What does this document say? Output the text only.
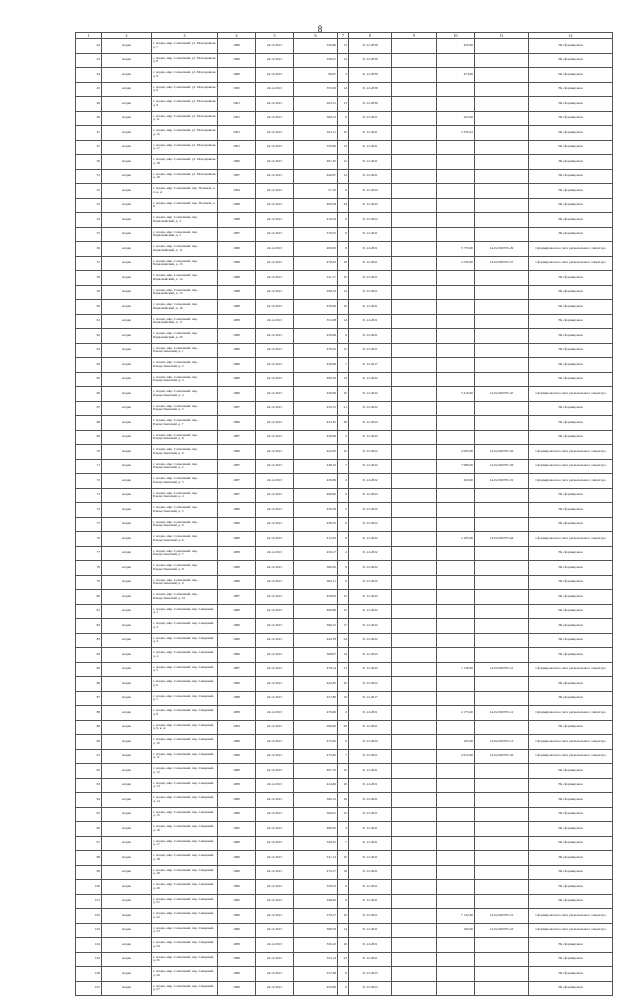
8
1	2	3	4	5	6	7	8	9	10	11	12
42	Алдан	г. Алдан, мкр. Солнечный, ул. Молодежная, д. 7	1989	24.12.2015	356,66	13	31.12.2039		450,00		Не сформирован
43	Алдан	г. Алдан, мкр. Солнечный, ул. Молодежная, д. 8	1989	24.12.2015	358,57	14	31.12.2039				Не сформирован
44	Алдан	г. Алдан, мкр. Солнечный, ул. Молодежная, д. 9	1986	24.12.2015	99,97	3	31.12.2039		474,00		Не сформирован
45	Алдан	г. Алдан, мкр. Солнечный, ул. Молодежная, д. 9	1993	24.12.2015	355,63	14	31.12.2039				Не сформирован
46	Алдан	г. Алдан, мкр. Солнечный, ул. Молодежная, д. 9	1991	24.12.2015	262,31	13	31.12.2039				Не сформирован
46	Алдан	г. Алдан, мкр. Солнечный, ул. Молодежная, д. 11	1991	24.12.2015	366,12	6	31.12.2021		425,00		Не сформирован
47	Алдан	г. Алдан, мкр. Солнечный, ул. Молодежная, д. 15	1991	24.12.2015	425,11	10	31.12.2021		2 350,52		Не сформирован
47	Алдан	г. Алдан, мкр. Солнечный, ул. Молодежная, д. 17	1991	24.12.2015	359,60	14	31.12.2021				Не сформирован
50	Алдан	г. Алдан, мкр. Солнечный, ул. Молодежная, д. 18	1990	24.12.2015	481,35	12	31.12.2021				Не сформирован
51	Алдан	г. Алдан, мкр. Солнечный, ул. Молодежная, д. 19	1987	24.12.2015	646,97	12	31.12.2021				Не сформирован
52	Алдан	г. Алдан, мкр. Солнечный, пер. Полевой, д. 2, к. А	1994	24.12.2015	57,10	6	31.12.2024				Не сформирован
53	Алдан	г. Алдан, мкр. Солнечный, пер. Полевой, д. 6	1988	24.12.2015	406,58	24	31.12.2024				Не сформирован
54	Алдан	г. Алдан, мкр. Солнечный, пер. Первомайский, д. 3	1988	24.12.2015	416,54	9	31.12.2024				Не сформирован
55	Алдан	г. Алдан, мкр. Солнечный, пер. Первомайский, д. 5	1987	24.12.2015	379,55	9	31.12.2021				Не сформирован
56	Алдан	г. Алдан, мкр. Солнечный, пер. Первомайский, д. 11	1986	24.12.2015	400,00	9	31.12.2021		5 770,00	14-02-000705-29	Сформирован на счете регионального оператора
57	Алдан	г. Алдан, мкр. Солнечный, пер. Первомайский, д. 13	1989	24.12.2015	476,43	16	31.12.2021		2 330,00	14-02-000705-27	Сформирован на счете регионального оператора
58	Алдан	г. Алдан, мкр. Солнечный, пер. Первомайский, д. 14	1988	24.12.2015	411,17	10	31.12.2021				Не сформирован
59	Алдан	г. Алдан, мкр. Солнечный, пер. Первомайский, д. 15	1988	24.12.2015	298,16	14	31.12.2021				Не сформирован
60	Алдан	г. Алдан, мкр. Солнечный, пер. Первомайский, д. 16	1988	24.12.2015	439,06	16	31.12.2021				Не сформирован
61	Алдан	г. Алдан, мкр. Солнечный, пер. Первомайский, д. 17	1989	24.12.2015	351,08	14	31.12.2021				Не сформирован
62	Алдан	г. Алдан, мкр. Солнечный, пер. Первомайский, д. 20	1989	24.12.2015	456,69	6	31.12.2021				Не сформирован
63	Алдан	г. Алдан, мкр. Солнечный, пер. Рождественский, д. 1	1986	24.12.2015	478,10	15	31.12.2021				Не сформирован
64	Алдан	г. Алдан, мкр. Солнечный, пер. Рождественский, д. 2	1986	24.12.2015	456,06	7	31.12.2017				Не сформирован
65	Алдан	г. Алдан, мкр. Солнечный, пер. Рождественский, д. 3	1986	24.12.2015	499,19	14	31.12.2022				Не сформирован
66	Алдан	г. Алдан, мкр. Солнечный, пер. Рождественский, д. 4	1986	24.12.2015	456,06	10	31.12.2022		5 410,00	14-02-000705-47	Сформирован на счете регионального оператора
67	Алдан	г. Алдан, мкр. Солнечный, пер. Рождественский, д. 5	1987	24.12.2015	450,15	21	31.12.2022				Не сформирован
68	Алдан	г. Алдан, мкр. Солнечный, пер. Рождественский, д. 7	1986	24.12.2015	443,45	28	31.12.2022				Не сформирован
69	Алдан	г. Алдан, мкр. Солнечный, пер. Рождественский, д. 8	1987	24.12.2015	456,06	2	31.12.2022				Не сформирован
70	Алдан	г. Алдан, мкр. Солнечный, пер. Рождественский, д. 9	1986	24.12.2015	442,05	10	31.12.2022		2 065,00	14-02-000705-50	Сформирован на счете регионального оператора
71	Алдан	г. Алдан, мкр. Солнечный, пер. Рождественский, д. 2	1987	24.12.2015	448,16	7	31.12.2022		7 080,00	14-02-000705-29	Сформирован на счете регионального оператора
72	Алдан	г. Алдан, мкр. Солнечный, пер. Рождественский, д. 3	1987	24.12.2015	436,69	4	31.12.2022		450,00	14-02-000705-32	Сформирован на счете регионального оператора
73	Алдан	г. Алдан, мкр. Солнечный, пер. Рождественский, д. 4	1987	24.12.2015	466,62	6	31.12.2022				Не сформирован
74	Алдан	г. Алдан, мкр. Солнечный, пер. Рождественский, д. 5	1986	24.12.2015	456,18	5	31.12.2022				Не сформирован
75	Алдан	г. Алдан, мкр. Солнечный, пер. Рождественский, д. 6	1986	24.12.2015	458,70	9	31.12.2022				Не сформирован
76	Алдан	г. Алдан, мкр. Солнечный, пер. Рождественский, д. 6	1986	24.12.2015	412,63	9	31.12.2022		2 185,00	14-02-000705-64	Сформирован на счете регионального оператора
77	Алдан	г. Алдан, мкр. Солнечный, пер. Рождественский, д. 7	1989	24.12.2015	456,17	4	31.12.2022				Не сформирован
78	Алдан	г. Алдан, мкр. Солнечный, пер. Рождественский, д. 8	1989	24.12.2015	366,30	9	31.12.2022				Не сформирован
79	Алдан	г. Алдан, мкр. Солнечный, пер. Рождественский, д. 9	1989	24.12.2015	400,11	6	31.12.2022				Не сформирован
80	Алдан	г. Алдан, мкр. Солнечный, пер. Рождественский, д. 10	1987	24.12.2015	458,02	12	31.12.2022				Не сформирован
81	Алдан	г. Алдан, мкр. Солнечный, пер. Северный, д. 1	1986	24.12.2015	466,98	12	31.12.2022				Не сформирован
82	Алдан	г. Алдан, мкр. Солнечный, пер. Северный, д. 2	1986	24.12.2015	396,15	17	31.12.2022				Не сформирован
83	Алдан	г. Алдан, мкр. Солнечный, пер. Северный, д. 3	1986	24.12.2015	444,78	24	31.12.2022				Не сформирован
84	Алдан	г. Алдан, мкр. Солнечный, пер. Северный, д. 4	1986	24.12.2015	368,97	14	31.12.2023				Не сформирован
85	Алдан	г. Алдан, мкр. Солнечный, пер. Северный, д. 5	1987	24.12.2015	476,14	21	31.12.2022		1 130,00	14-02-000705-51	Сформирован на счете регионального оператора
86	Алдан	г. Алдан, мкр. Солнечный, пер. Северный, д. 6	1986	24.12.2015	442,65	20	31.12.2022				Не сформирован
87	Алдан	г. Алдан, мкр. Солнечный, пер. Северный, д. 7	1988	24.12.2015	457,80	16	31.12.2017				Не сформирован
88	Алдан	г. Алдан, мкр. Солнечный, пер. Северный, д. 8	1989	24.12.2015	476,06	2	31.12.2021		2 175,00	14-02-000705-12	Сформирован на счете регионального оператора
89	Алдан	г. Алдан, мкр. Солнечный, пер. Северный, д. 9, к. А	1983	24.12.2015	296,40	20	31.12.2021				Не сформирован
90	Алдан	г. Алдан, мкр. Солнечный, пер. Северный, д. 10	1989	24.12.2015	475,65	6	31.12.2024		165,00	14-02-000705-13	Сформирован на счете регионального оператора
91	Алдан	г. Алдан, мкр. Солнечный, пер. Северный, д. 11	1989	24.12.2015	475,82	7	31.12.2021		2 915,00	14-02-000705-30	Сформирован на счете регионального оператора
92	Алдан	г. Алдан, мкр. Солнечный, пер. Северный, д. 12	1986	24.12.2015	491,70	10	31.12.2021				Не сформирован
93	Алдан	г. Алдан, мкр. Солнечный, пер. Северный, д. 13	1989	24.12.2015	424,60	10	31.12.2021				Не сформирован
94	Алдан	г. Алдан, мкр. Солнечный, пер. Северный, д. 14	1986	24.12.2015	360,12	16	31.12.2021				Не сформирован
95	Алдан	г. Алдан, мкр. Солнечный, пер. Северный, д. 15	1989	24.12.2015	360,91	22	31.12.2021				Не сформирован
96	Алдан	г. Алдан, мкр. Солнечный, пер. Северный, д. 16	1985	24.12.2015	480,92	4	31.12.2021				Не сформирован
97	Алдан	г. Алдан, мкр. Солнечный, пер. Северный, д. 17	1986	24.12.2015	349,25	7	31.12.2021				Не сформирован
98	Алдан	г. Алдан, мкр. Солнечный, пер. Северный, д. 18	1986	24.12.2015	241,13	10	31.12.2021				Не сформирован
99	Алдан	г. Алдан, мкр. Солнечный, пер. Северный, д. 19	1986	24.12.2015	470,17	19	31.12.2021				Не сформирован
100	Алдан	г. Алдан, мкр. Солнечный, пер. Северный, д. 20	1990	24.12.2015	358,53	9	31.12.2021				Не сформирован
101	Алдан	г. Алдан, мкр. Солнечный, пер. Северный, д. 21	1990	24.12.2015	349,92	9	31.12.2021				Не сформирован
102	Алдан	г. Алдан, мкр. Солнечный, пер. Северный, д. 22	1986	24.12.2015	378,17	16	31.12.2021		7 142,00	14-02-000705-21	Сформирован на счете регионального оператора
103	Алдан	г. Алдан, мкр. Солнечный, пер. Северный, д. 23	1986	24.12.2015	368,76	14	31.12.2021		160,00	14-02-000705-22	Сформирован на счете регионального оператора
104	Алдан	г. Алдан, мкр. Солнечный, пер. Северный, д. 24	1989	24.12.2015	356,10	16	31.12.2021				Не сформирован
105	Алдан	г. Алдан, мкр. Солнечный, пер. Северный, д. 25	1989	24.12.2015	355,14	23	31.12.2021				Не сформирован
106	Алдан	г. Алдан, мкр. Солнечный, пер. Северный, д. 26	1989	24.12.2015	257,48	8	31.12.2023				Не сформирован
107	Алдан	г. Алдан, мкр. Солнечный, пер. Северный, д. 27	1989	24.12.2015	450,99	9	31.12.2023				Не сформирован
